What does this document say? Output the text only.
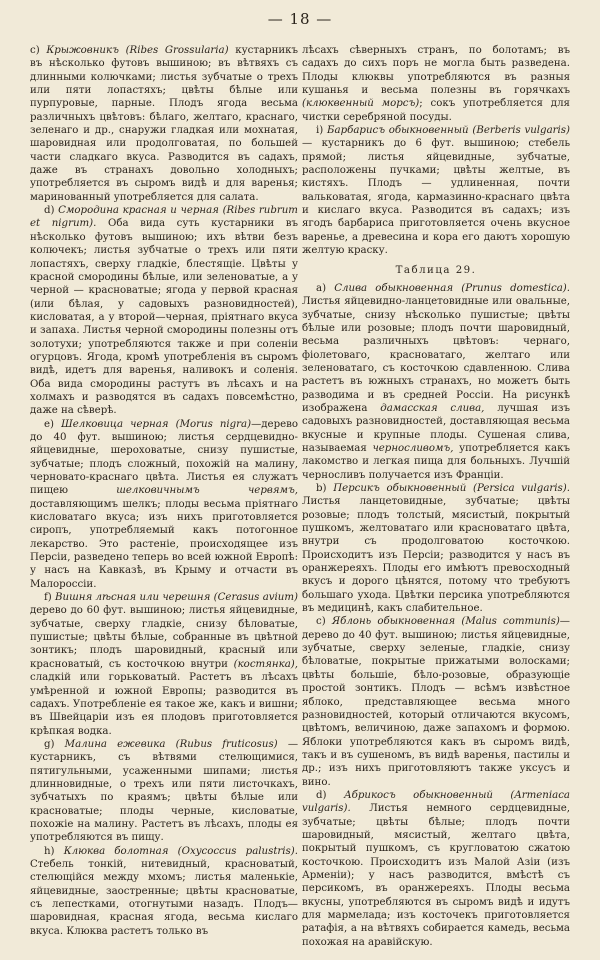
— 18 —

c) Крыжовникъ (Ribes Grossularia) кустарникъ въ нѣсколько футовъ вышиною; въ вѣтвяхъ съ длинными колючками; листья зубчатые о трехъ или пяти лопастяхъ; цвѣты бѣлые или пурпуровые, парные. Плодъ ягода весьма различныхъ цвѣтовъ: бѣлаго, желтаго, краснаго, зеленаго и др., снаружи гладкая или мохнатая, шаровидная или продолговатая, по большей части сладкаго вкуса. Разводится въ садахъ, даже въ странахъ довольно холодныхъ; употребляется въ сыромъ видѣ и для варенья; маринованный употребляется для салата.

d) Смородина красная и черная (Ribes rubrum et nigrum). Оба вида суть кустарники въ нѣсколько футовъ вышиною; ихъ вѣтви безъ колючекъ; листья зубчатые о трехъ или пяти лопастяхъ, сверху гладкіе, блестящіе. Цвѣты у красной смородины бѣлые, или зеленоватые, а у черной — красноватые; ягода у первой красная (или бѣлая, у садовыхъ разновидностей), кисловатая, а у второй—черная, пріятнаго вкуса и запаха. Листья черной смородины полезны отъ золотухи; употребляются также и при соленіи огурцовъ. Ягода, кромѣ употребленія въ сыромъ видѣ, идетъ для варенья, наливокъ и соленія. Оба вида смородины растутъ въ лѣсахъ и на холмахъ и разводятся въ садахъ повсемѣстно, даже на сѣверѣ.

e) Шелковица черная (Morus nigra)—дерево до 40 фут. вышиною; листья сердцевидно-яйцевидные, шероховатые, снизу пушистые, зубчатые; плодъ сложный, похожій на малину, черновато-краснаго цвѣта. Листья ея служатъ пищею	шелковичнымъ червямъ, доставляющимъ шелкъ; плоды весьма пріятнаго кисловатаго вкуса; изъ нихъ приготовляется сиропъ, употребляемый какъ потогонное лекарство. Это растеніе, происходящее изъ Персіи, разведено теперь во всей южной Европѣ: у насъ на Кавказѣ, въ Крыму и отчасти въ Малороссіи.

f) Вишня лѣсная или черешня (Cerasus avium) дерево до 60 фут. вышиною; листья яйцевидные, зубчатые, сверху гладкіе, снизу бѣловатые, пушистые; цвѣты бѣлые, собранные въ цвѣтной зонтикъ; плодъ шаровидный, красный или красноватый, съ косточкою внутри (костянка), сладкій или горьковатый. Растетъ въ лѣсахъ умѣренной и южной Европы; разводится въ садахъ. Употребленіе ея такое же, какъ и вишни; въ Швейцаріи изъ ея плодовъ приготовляется крѣпкая водка.

g) Малина ежевика (Rubus fruticosus) — кустарникъ, съ вѣтвями стелющимися, пятигульными, усаженными шипами; листья длинновидные, о трехъ или пяти листочкахъ, зубчатыхъ по краямъ; цвѣты бѣлые или красноватые; плоды черные, кисловатые, похожіе на малину. Растетъ въ лѣсахъ, плоды ея употребляются въ пищу.

h) Клюква болотная (Oxycoccus palustris). Стебель тонкій, нитевидный, красноватый, стелющійся между мхомъ; листья маленькіе, яйцевидные, заостренные; цвѣты красноватые, съ лепестками, отогнутыми назадъ. Плодъ—шаровидная, красная ягода, весьма кислаго вкуса. Клюква растетъ только въ

лѣсахъ сѣверныхъ странъ, по болотамъ; въ садахъ до сихъ поръ не могла быть разведена. Плоды клюквы употребляются въ разныя кушанья и весьма полезны въ горячкахъ (клюквенный морсъ); сокъ употребляется для чистки серебряной посуды.

i) Барбарисъ обыкновенный (Berberis vulgaris)— кустарникъ до 6 фут. вышиною; стебель прямой; листья яйцевидные, зубчатые, расположены пучками; цвѣты желтые, въ кистяхъ. Плодъ — удлиненная, почти вальковатая, ягода, кармазинно-краснаго цвѣта и кислаго вкуса. Разводится въ садахъ; изъ ягодъ барбариса приготовляется очень вкусное варенье, а древесина и кора его даютъ хорошую желтую краску.

Таблица 29.

a) Слива обыкновенная (Prunus domestica). Листья яйцевидно-ланцетовидные или овальные, зубчатые, снизу нѣсколько пушистые; цвѣты бѣлые или розовые; плодъ почти шаровидный, весьма различныхъ цвѣтовъ: чернаго, фіолетоваго, красноватаго, желтаго или зеленоватаго, съ косточкою сдавленною. Слива растетъ въ южныхъ странахъ, но можетъ быть разводима и въ средней Россіи. На рисункѣ изображена дамасская слива, лучшая изъ садовыхъ разновидностей, доставляющая весьма вкусные и крупные плоды. Сушеная слива, называемая черносливомъ, употребляется какъ лакомство и легкая пища для больныхъ. Лучшій черносливъ получается изъ Франціи.

b) Персикъ обыкновенный (Persica vulgaris). Листья ланцетовидные, зубчатые; цвѣты розовые; плодъ толстый, мясистый, покрытый пушкомъ, желтоватаго или красноватаго цвѣта, внутри съ продолговатою косточкою. Происходитъ изъ Персіи; разводится у насъ въ оранжереяхъ. Плоды его имѣютъ превосходный вкусъ и дорого цѣнятся, потому что требуютъ большаго ухода. Цвѣтки персика употребляются въ медицинѣ, какъ слабительное.

c) Яблонь обыкновенная (Malus communis)—дерево до 40 фут. вышиною; листья яйцевидные, зубчатые, сверху зеленые, гладкіе, снизу бѣловатые, покрытые прижатыми волосками; цвѣты большіе, бѣло-розовые, образующіе простой зонтикъ. Плодъ — всѣмъ извѣстное яблоко, представляющее весьма много разновидностей, который отличаются вкусомъ, цвѣтомъ, величиною, даже запахомъ и формою. Яблоки употребляются какъ въ сыромъ видѣ, такъ и въ сушеномъ, въ видѣ варенья, пастилы и др.; изъ нихъ приготовляютъ также уксусъ и вино.

d) Абрикосъ обыкновенный (Armeniaca vulgaris). Листья немного сердцевидные, зубчатые; цвѣты бѣлые; плодъ почти шаровидный, мясистый, желтаго цвѣта, покрытый пушкомъ, съ кругловатою сжатою косточкою. Происходитъ изъ Малой Азіи (изъ Арменіи); у насъ разводится, вмѣстѣ съ персикомъ, въ оранжереяхъ. Плоды весьма вкусны, употребляются въ сыромъ видѣ и идутъ для мармелада; изъ косточекъ приготовляется ратафія, а на вѣтвяхъ собирается камедь, весьма похожая на аравійскую.
